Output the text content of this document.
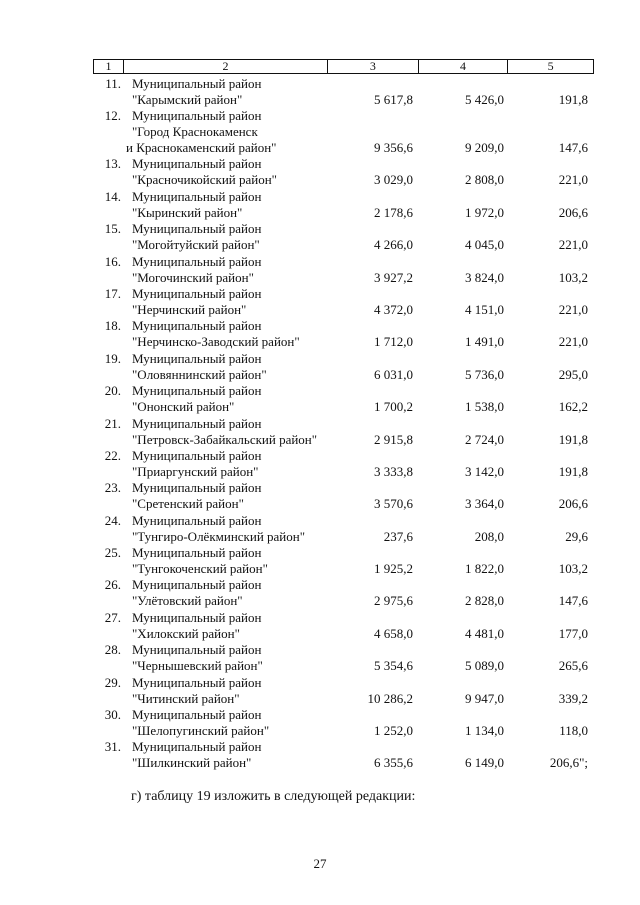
1	2	3	4	5
11. Муниципальный район
"Карымский район"	5 617,8	5 426,0	191,8
12. Муниципальный район
"Город Краснокаменск
и Краснокаменский район"	9 356,6	9 209,0	147,6
13. Муниципальный район
"Красночикойский район"	3 029,0	2 808,0	221,0
14. Муниципальный район
"Кыринский район"	2 178,6	1 972,0	206,6
15. Муниципальный район
"Могойтуйский район"	4 266,0	4 045,0	221,0
16. Муниципальный район
"Могочинский район"	3 927,2	3 824,0	103,2
17. Муниципальный район
"Нерчинский район"	4 372,0	4 151,0	221,0
18. Муниципальный район
"Нерчинско-Заводский район"	1 712,0	1 491,0	221,0
19. Муниципальный район
"Оловяннинский район"	6 031,0	5 736,0	295,0
20. Муниципальный район
"Ононский район"	1 700,2	1 538,0	162,2
21. Муниципальный район
"Петровск-Забайкальский район"	2 915,8	2 724,0	191,8
22. Муниципальный район
"Приаргунский район"	3 333,8	3 142,0	191,8
23. Муниципальный район
"Сретенский район"	3 570,6	3 364,0	206,6
24. Муниципальный район
"Тунгиро-Олёкминский район"	237,6	208,0	29,6
25. Муниципальный район
"Тунгокоченский район"	1 925,2	1 822,0	103,2
26. Муниципальный район
"Улётовский район"	2 975,6	2 828,0	147,6
27. Муниципальный район
"Хилокский район"	4 658,0	4 481,0	177,0
28. Муниципальный район
"Чернышевский район"	5 354,6	5 089,0	265,6
29. Муниципальный район
"Читинский район"	10 286,2	9 947,0	339,2
30. Муниципальный район
"Шелопугинский район"	1 252,0	1 134,0	118,0
31. Муниципальный район
"Шилкинский район"	6 355,6	6 149,0	206,6";
г) таблицу 19 изложить в следующей редакции:
27
